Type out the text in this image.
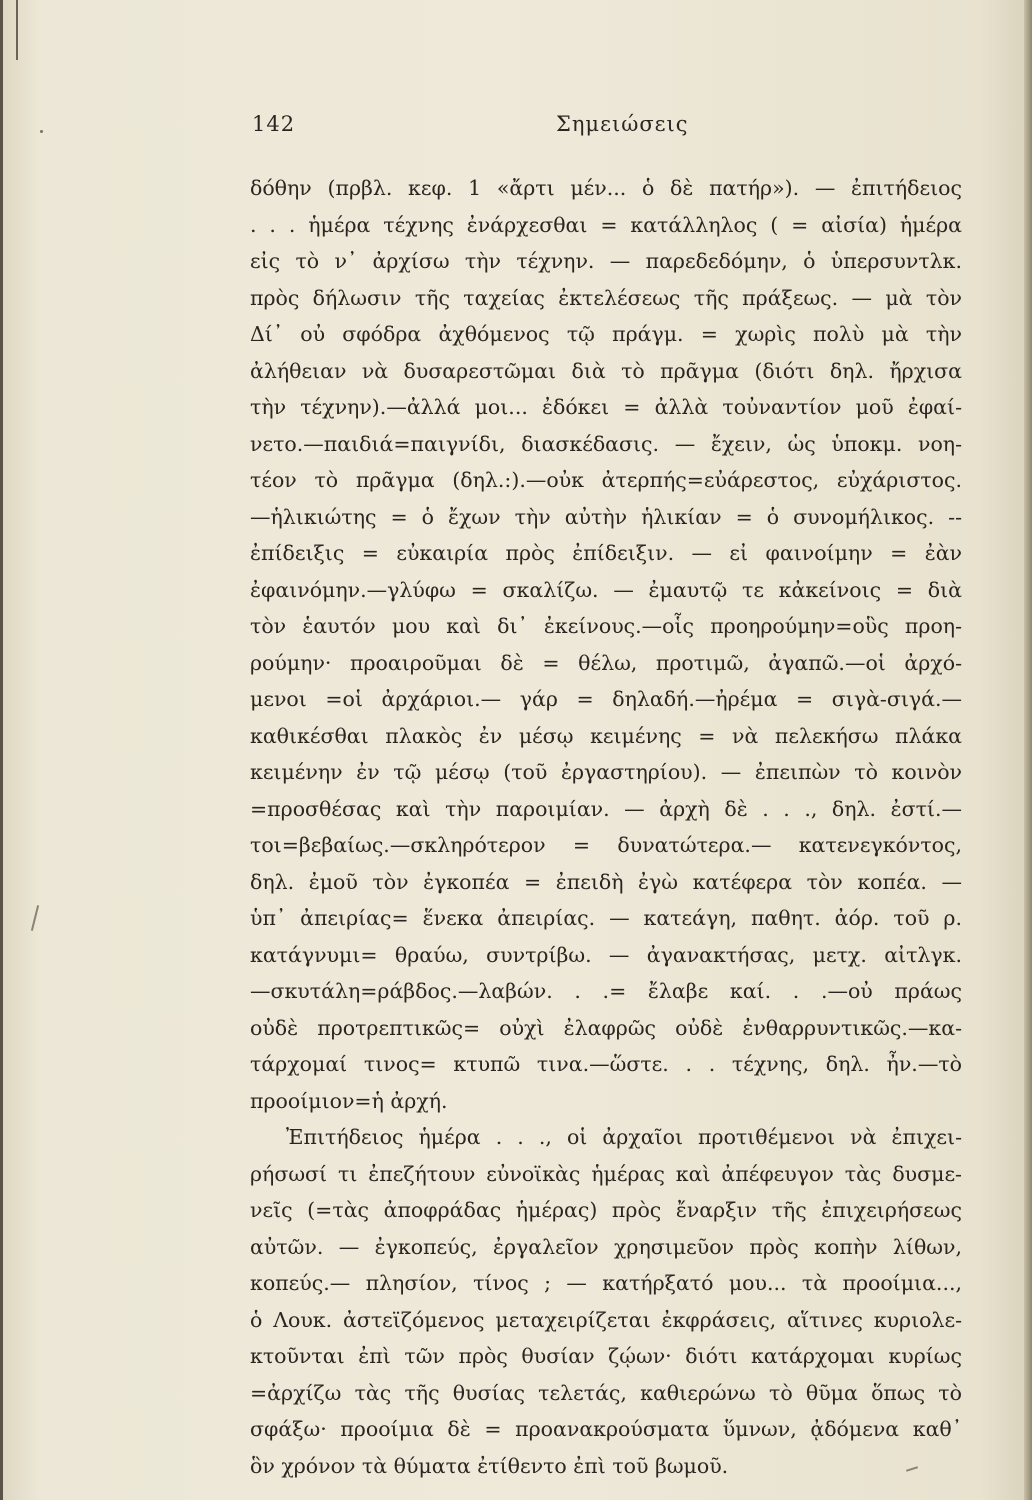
142	Σημειώσεις
δόθην (πρβλ. κεφ. 1 «ἄρτι μέν... ὁ δὲ πατήρ»). — ἐπιτήδειος
. . . ἡμέρα τέχνης ἐνάρχεσθαι = κατάλληλος ( = αἰσία) ἡμέρα
εἰς τὸ ν᾽ ἀρχίσω τὴν τέχνην. — παρεδεδόμην, ὁ ὑπερσυντλκ.
πρὸς δήλωσιν τῆς ταχείας ἐκτελέσεως τῆς πράξεως. — μὰ τὸν
Δί᾽ οὐ σφόδρα ἀχθόμενος τῷ πράγμ. = χωρὶς πολὺ μὰ τὴν
ἀλήθειαν νὰ δυσαρεστῶμαι διὰ τὸ πρᾶγμα (διότι δηλ. ἤρχισα
τὴν τέχνην).—ἀλλά μοι... ἐδόκει = ἀλλὰ τοὐναντίον μοῦ ἐφαί-
νετο.—παιδιά=παιγνίδι, διασκέδασις. — ἔχειν, ὡς ὑποκμ. νοη-
τέον τὸ πρᾶγμα (δηλ.:).—οὐκ ἀτερπής=εὐάρεστος, εὐχάριστος.
—ἡλικιώτης = ὁ ἔχων τὴν αὐτὴν ἡλικίαν = ὁ συνομήλικος. --
ἐπίδειξις = εὐκαιρία πρὸς ἐπίδειξιν. — εἰ φαινοίμην = ἐὰν
ἐφαινόμην.—γλύφω = σκαλίζω. — ἐμαυτῷ τε κἀκείνοις = διὰ
τὸν ἑαυτόν μου καὶ δι᾽ ἐκείνους.—οἷς προηρούμην=οὓς προη-
ρούμην· προαιροῦμαι δὲ = θέλω, προτιμῶ, ἀγαπῶ.—οἱ ἀρχό-
μενοι =οἱ ἀρχάριοι.— γάρ = δηλαδή.—ἠρέμα = σιγὰ-σιγά.—
καθικέσθαι πλακὸς ἐν μέσῳ κειμένης = νὰ πελεκήσω πλάκα
κειμένην ἐν τῷ μέσῳ (τοῦ ἐργαστηρίου). — ἐπειπὼν τὸ κοινὸν
=προσθέσας καὶ τὴν παροιμίαν. — ἀρχὴ δὲ . . ., δηλ. ἐστί.—
τοι=βεβαίως.—σκληρότερον = δυνατώτερα.— κατενεγκόντος,
δηλ. ἐμοῦ τὸν ἐγκοπέα = ἐπειδὴ ἐγὼ κατέφερα τὸν κοπέα. —
ὑπ᾽ ἀπειρίας= ἕνεκα ἀπειρίας. — κατεάγη, παθητ. ἀόρ. τοῦ ρ.
κατάγνυμι= θραύω, συντρίβω. — ἀγανακτήσας, μετχ. αἰτλγκ.
—σκυτάλη=ράβδος.—λαβών. . .= ἔλαβε καί. . .—οὐ πράως
οὐδὲ προτρεπτικῶς= οὐχὶ ἐλαφρῶς οὐδὲ ἐνθαρρυντικῶς.—κα-
τάρχομαί τινος= κτυπῶ τινα.—ὥστε. . . τέχνης, δηλ. ἦν.—τὸ
προοίμιον=ἡ ἀρχή.
Ἐπιτήδειος ἡμέρα . . ., οἱ ἀρχαῖοι προτιθέμενοι νὰ ἐπιχει-
ρήσωσί τι ἐπεζήτουν εὐνοϊκὰς ἡμέρας καὶ ἀπέφευγον τὰς δυσμε-
νεῖς (=τὰς ἀποφράδας ἡμέρας) πρὸς ἔναρξιν τῆς ἐπιχειρήσεως
αὐτῶν. — ἐγκοπεύς, ἐργαλεῖον χρησιμεῦον πρὸς κοπὴν λίθων,
κοπεύς.— πλησίον, τίνος ; — κατήρξατό μου... τὰ προοίμια...,
ὁ Λουκ. ἀστεϊζόμενος μεταχειρίζεται ἐκφράσεις, αἵτινες κυριολε-
κτοῦνται ἐπὶ τῶν πρὸς θυσίαν ζῴων· διότι κατάρχομαι κυρίως
=ἀρχίζω τὰς τῆς θυσίας τελετάς, καθιερώνω τὸ θῦμα ὅπως τὸ
σφάξω· προοίμια δὲ = προανακρούσματα ὕμνων, ᾀδόμενα καθ᾽
ὃν χρόνον τὰ θύματα ἐτίθεντο ἐπὶ τοῦ βωμοῦ.
